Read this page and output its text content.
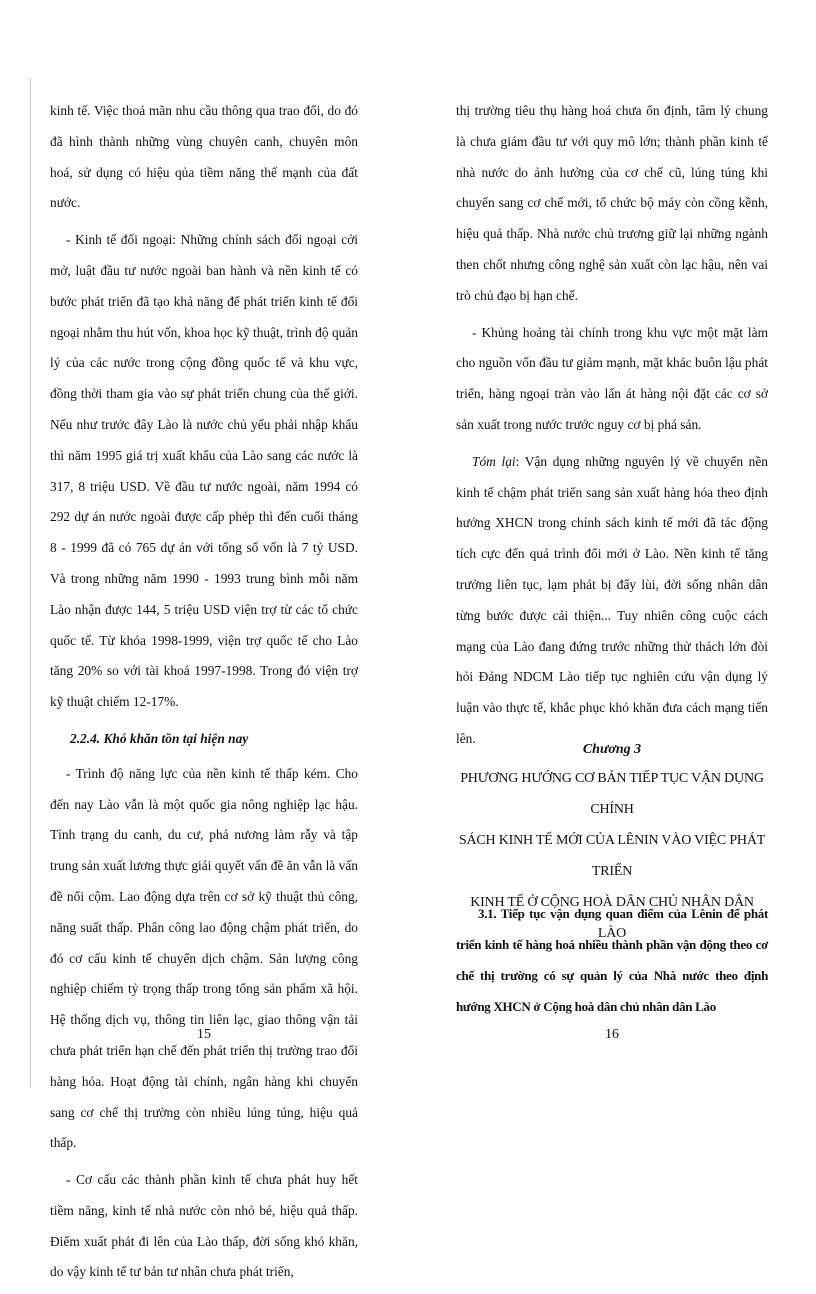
kinh tế. Việc thoả mãn nhu cầu thông qua trao đổi, do đó đã hình thành những vùng chuyên canh, chuyên môn hoá, sử dụng có hiệu qủa tiềm năng thế mạnh của đất nước.

- Kinh tế đối ngoại: Những chính sách đối ngoại cởi mở, luật đầu tư nước ngoài ban hành và nền kinh tế có bước phát triển đã tạo khả năng để phát triển kinh tế đối ngoại nhằm thu hút vốn, khoa học kỹ thuật, trình độ quản lý của các nước trong cộng đồng quốc tế và khu vực, đồng thời tham gia vào sự phát triển chung của thế giới. Nếu như trước đây Lào là nước chủ yếu phải nhập khẩu thì năm 1995 giá trị xuất khẩu của Lào sang các nước là 317, 8 triệu USD. Về đầu tư nước ngoài, năm 1994 có 292 dự án nước ngoài được cấp phép thì đến cuối tháng 8 - 1999 đã có 765 dự án với tổng số vốn là 7 tỷ USD. Và trong những năm 1990 - 1993 trung bình mỗi năm Lào nhận được 144, 5 triệu USD viện trợ từ các tổ chức quốc tế. Từ khóa 1998-1999, viện trợ quốc tế cho Lào tăng 20% so với tài khoá 1997-1998. Trong đó viện trợ kỹ thuật chiếm 12-17%.

2.2.4. Khó khăn tồn tại hiện nay

- Trình độ năng lực của nền kinh tế thấp kém. Cho đến nay Lào vẫn là một quốc gia nông nghiệp lạc hậu. Tình trạng du canh, du cư, phá nương làm rẫy và tập trung sản xuất lương thực giải quyết vấn đề ăn vẫn là vấn đề nổi cộm. Lao động dựa trên cơ sở kỹ thuật thủ công, năng suất thấp. Phân công lao động chậm phát triển, do đó cơ cấu kinh tế chuyển dịch chậm. Sản lượng công nghiệp chiếm tỷ trọng thấp trong tổng sản phẩm xã hội. Hệ thống dịch vụ, thông tin liên lạc, giao thông vận tải chưa phát triển hạn chế đến phát triển thị trường trao đổi hàng hóa. Hoạt động tài chính, ngân hàng khi chuyển sang cơ chế thị trường còn nhiều lúng túng, hiệu quả thấp.

- Cơ cấu các thành phần kinh tế chưa phát huy hết tiềm năng, kinh tế nhà nước còn nhỏ bé, hiệu quả thấp. Điểm xuất phát đi lên của Lào thấp, đời sống khó khăn, do vậy kinh tế tư bản tư nhân chưa phát triển,

15

thị trường tiêu thụ hàng hoá chưa ổn định, tâm lý chung là chưa giám đầu tư với quy mô lớn; thành phần kinh tế nhà nước do ảnh hưởng của cơ chế cũ, lúng túng khi chuyển sang cơ chế mới, tổ chức bộ máy còn cồng kềnh, hiệu quả thấp. Nhà nước chủ trương giữ lại những ngành then chốt nhưng công nghệ sản xuất còn lạc hậu, nên vai trò chủ đạo bị hạn chế.

- Khủng hoảng tài chính trong khu vực một mặt làm cho nguồn vốn đầu tư giảm mạnh, mặt khác buôn lậu phát triển, hàng ngoại tràn vào lấn át hàng nội đặt các cơ sở sản xuất trong nước trước nguy cơ bị phá sản.

Tóm lại: Vận dụng những nguyên lý về chuyển nền kinh tế chậm phát triển sang sản xuất hàng hóa theo định hướng XHCN trong chính sách kinh tế mới đã tác động tích cực đến quá trình đổi mới ở Lào. Nền kinh tế tăng trưởng liên tục, lạm phát bị đẩy lùi, đời sống nhân dân từng bước được cải thiện... Tuy nhiên công cuộc cách mạng của Lào đang đứng trước những thử thách lớn đòi hỏi Đảng NDCM Lào tiếp tục nghiên cứu vận dụng lý luận vào thực tế, khắc phục khó khăn đưa cách mạng tiến lên.

Chương 3

PHƯƠNG HƯỚNG CƠ BẢN TIẾP TỤC VẬN DỤNG CHÍNH

SÁCH KINH TẾ MỚI CỦA LÊNIN VÀO VIỆC PHÁT TRIỂN

KINH TẾ Ở CỘNG HOÀ DÂN CHỦ NHÂN DÂN LÀO

3.1. Tiếp tục vận dụng quan điểm của Lênin để phát triển kinh tế hàng hoá nhiều thành phần vận động theo cơ chế thị trường có sự quản lý của Nhà nước theo định hướng XHCN ở Cộng hoà dân chủ nhân dân Lào

16
